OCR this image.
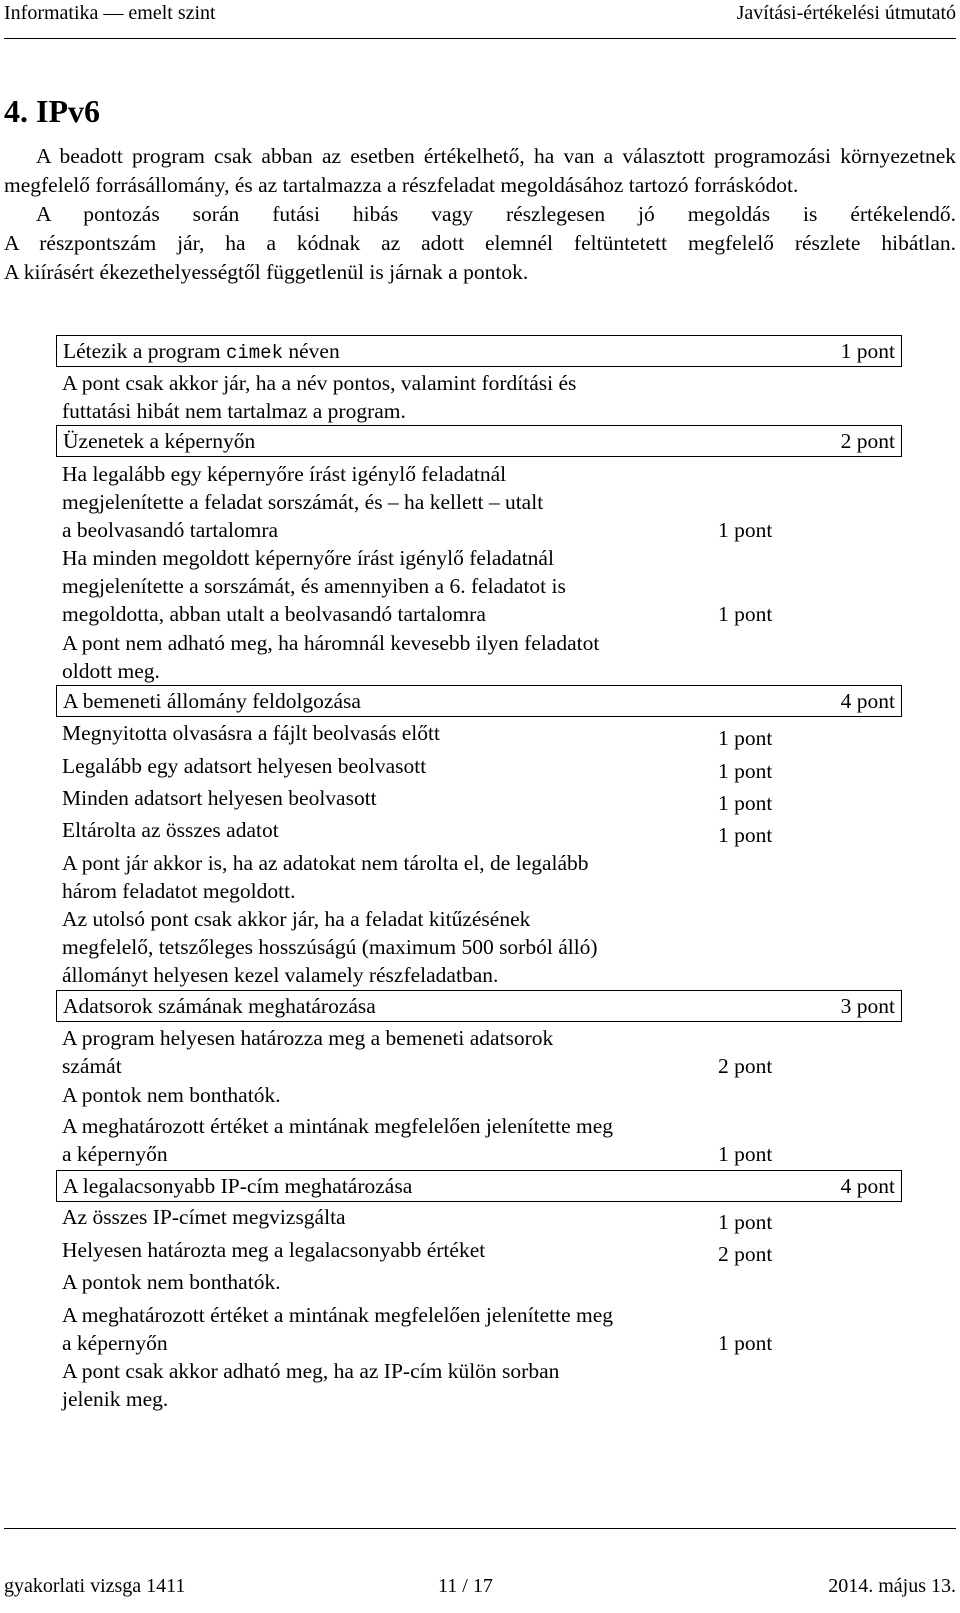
Informatika — emelt szint	Javítási-értékelési útmutató
4. IPv6

A beadott program csak abban az esetben értékelhető, ha van a választott programozási környezetnek megfelelő forrásállomány, és az tartalmazza a részfeladat megoldásához tartozó forráskódot.

A pontozás során futási hibás vagy részlegesen jó megoldás is értékelendő.

A részpontszám jár, ha a kódnak az adott elemnél feltüntetett megfelelő részlete hibátlan.

A kiírásért ékezethelyességtől függetlenül is járnak a pontok.

Létezik a program cimek néven	1 pont
A pont csak akkor jár, ha a név pontos, valamint fordítási és
futtatási hibát nem tartalmaz a program.
Üzenetek a képernyőn	2 pont
Ha legalább egy képernyőre írást igénylő feladatnál
megjelenítette a feladat sorszámát, és – ha kellett – utalt
a beolvasandó tartalomra	1 pont
Ha minden megoldott képernyőre írást igénylő feladatnál
megjelenítette a sorszámát, és amennyiben a 6. feladatot is
megoldotta, abban utalt a beolvasandó tartalomra	1 pont
A pont nem adható meg, ha háromnál kevesebb ilyen feladatot
oldott meg.
A bemeneti állomány feldolgozása	4 pont
Megnyitotta olvasásra a fájlt beolvasás előtt	1 pont
Legalább egy adatsort helyesen beolvasott	1 pont
Minden adatsort helyesen beolvasott	1 pont
Eltárolta az összes adatot	1 pont
A pont jár akkor is, ha az adatokat nem tárolta el, de legalább
három feladatot megoldott.
Az utolsó pont csak akkor jár, ha a feladat kitűzésének
megfelelő, tetszőleges hosszúságú (maximum 500 sorból álló)
állományt helyesen kezel valamely részfeladatban.
Adatsorok számának meghatározása	3 pont
A program helyesen határozza meg a bemeneti adatsorok
számát	2 pont
A pontok nem bonthatók.
A meghatározott értéket a mintának megfelelően jelenítette meg
a képernyőn	1 pont
A legalacsonyabb IP-cím meghatározása	4 pont
Az összes IP-címet megvizsgálta	1 pont
Helyesen határozta meg a legalacsonyabb értéket	2 pont
A pontok nem bonthatók.
A meghatározott értéket a mintának megfelelően jelenítette meg
a képernyőn	1 pont
A pont csak akkor adható meg, ha az IP-cím külön sorban
jelenik meg.
gyakorlati vizsga 1411	11 / 17	2014. május 13.
